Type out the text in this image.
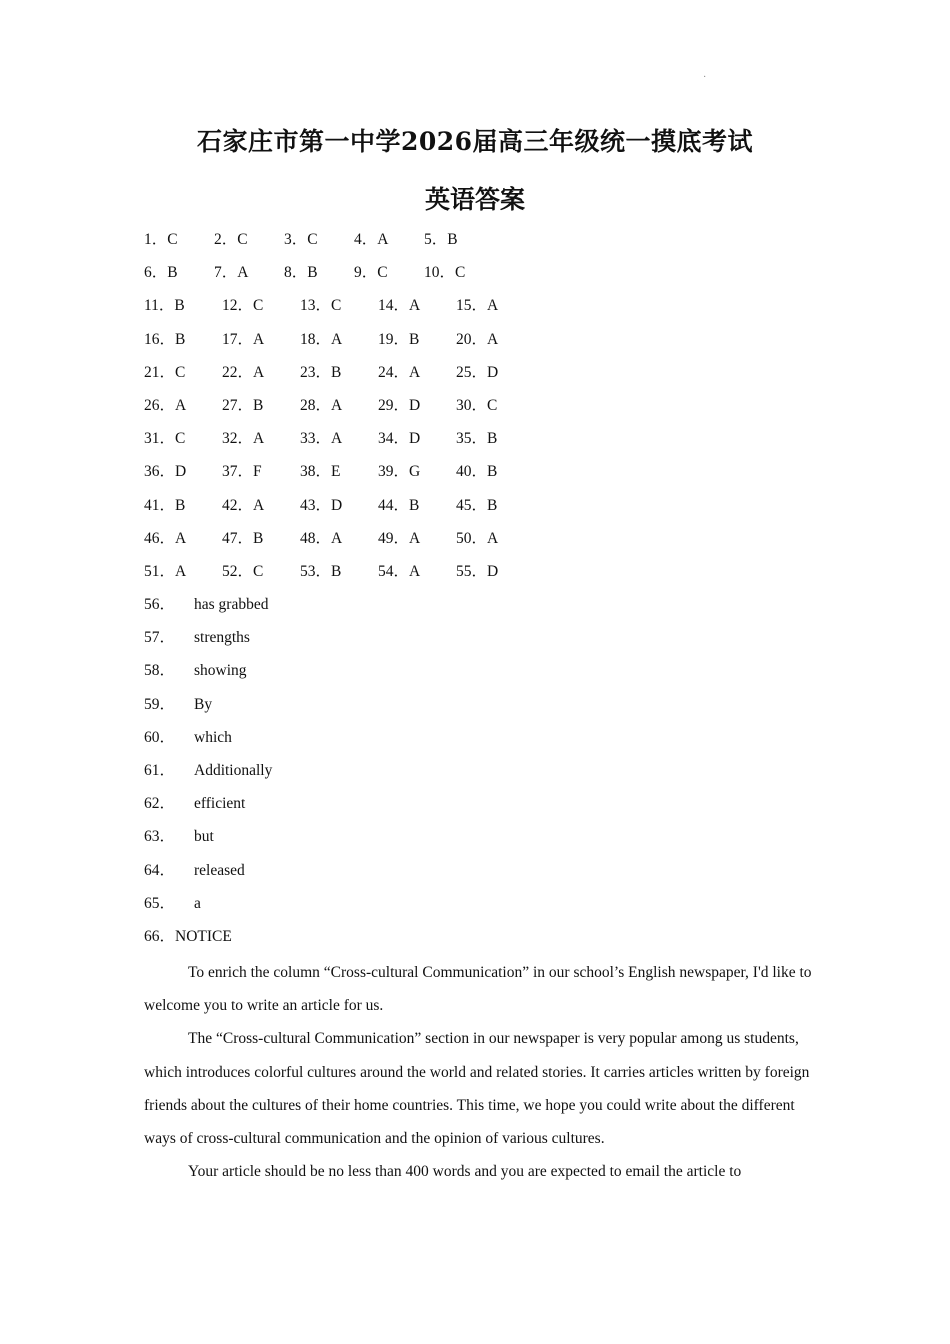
·
石家庄市第一中学2026届高三年级统一摸底考试
英语答案
1．C 2．C 3．C 4．A 5．B
6．B 7．A 8．B 9．C 10．C
11．B 12．C 13．C 14．A 15．A
16．B 17．A 18．A 19．B 20．A
21．C 22．A 23．B 24．A 25．D
26．A 27．B 28．A 29．D 30．C
31．C 32．A 33．A 34．D 35．B
36．D 37．F 38．E 39．G 40．B
41．B 42．A 43．D 44．B 45．B
46．A 47．B 48．A 49．A 50．A
51．A 52．C 53．B 54．A 55．D
56． has grabbed
57． strengths
58． showing
59． By
60． which
61． Additionally
62． efficient
63． but
64． released
65． a
66．NOTICE

To enrich the column “Cross-cultural Communication” in our school’s English newspaper, I'd like to welcome you to write an article for us.

The “Cross-cultural Communication” section in our newspaper is very popular among us students, which introduces colorful cultures around the world and related stories. It carries articles written by foreign friends about the cultures of their home countries. This time, we hope you could write about the different ways of cross-cultural communication and the opinion of various cultures.

Your article should be no less than 400 words and you are expected to email the article to
